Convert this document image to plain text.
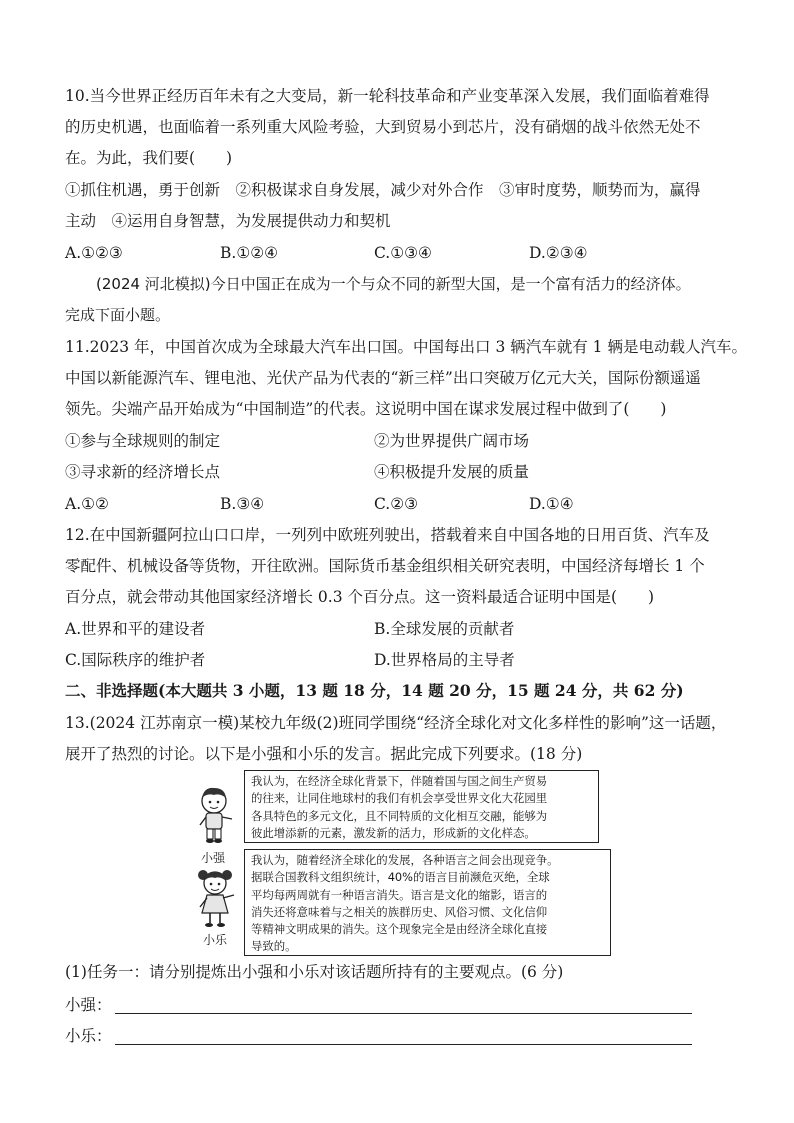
10.当今世界正经历百年未有之大变局，新一轮科技革命和产业变革深入发展，我们面临着难得
的历史机遇，也面临着一系列重大风险考验，大到贸易小到芯片，没有硝烟的战斗依然无处不
在。为此，我们要(　　)
①抓住机遇，勇于创新　②积极谋求自身发展，减少对外合作　③审时度势，顺势而为，赢得
主动　④运用自身智慧，为发展提供动力和契机
A.①②③	B.①②④	C.①③④	D.②③④
(2024 河北模拟)今日中国正在成为一个与众不同的新型大国，是一个富有活力的经济体。
完成下面小题。
11.2023 年，中国首次成为全球最大汽车出口国。中国每出口 3 辆汽车就有 1 辆是电动载人汽车。
中国以新能源汽车、锂电池、光伏产品为代表的“新三样”出口突破万亿元大关，国际份额遥遥
领先。尖端产品开始成为“中国制造”的代表。这说明中国在谋求发展过程中做到了(　　)
①参与全球规则的制定	②为世界提供广阔市场
③寻求新的经济增长点	④积极提升发展的质量
A.①②	B.③④	C.②③	D.①④
12.在中国新疆阿拉山口口岸，一列列中欧班列驶出，搭载着来自中国各地的日用百货、汽车及
零配件、机械设备等货物，开往欧洲。国际货币基金组织相关研究表明，中国经济每增长 1 个
百分点，就会带动其他国家经济增长 0.3 个百分点。这一资料最适合证明中国是(　　)
A.世界和平的建设者	B.全球发展的贡献者
C.国际秩序的维护者	D.世界格局的主导者
二、非选择题(本大题共 3 小题，13 题 18 分，14 题 20 分，15 题 24 分，共 62 分)
13.(2024 江苏南京一模)某校九年级(2)班同学围绕“经济全球化对文化多样性的影响”这一话题，
展开了热烈的讨论。以下是小强和小乐的发言。据此完成下列要求。(18 分)
小强
我认为，在经济全球化背景下，伴随着国与国之间生产贸易
的往来，让同住地球村的我们有机会享受世界文化大花园里
各具特色的多元文化，且不同特质的文化相互交融，能够为
彼此增添新的元素，激发新的活力，形成新的文化样态。
小乐
我认为，随着经济全球化的发展，各种语言之间会出现竞争。
据联合国教科文组织统计，40%的语言目前濒危灭绝，全球
平均每两周就有一种语言消失。语言是文化的缩影，语言的
消失还将意味着与之相关的族群历史、风俗习惯、文化信仰
等精神文明成果的消失。这个现象完全是由经济全球化直接
导致的。
(1)任务一：请分别提炼出小强和小乐对该话题所持有的主要观点。(6 分)
小强：
小乐：
